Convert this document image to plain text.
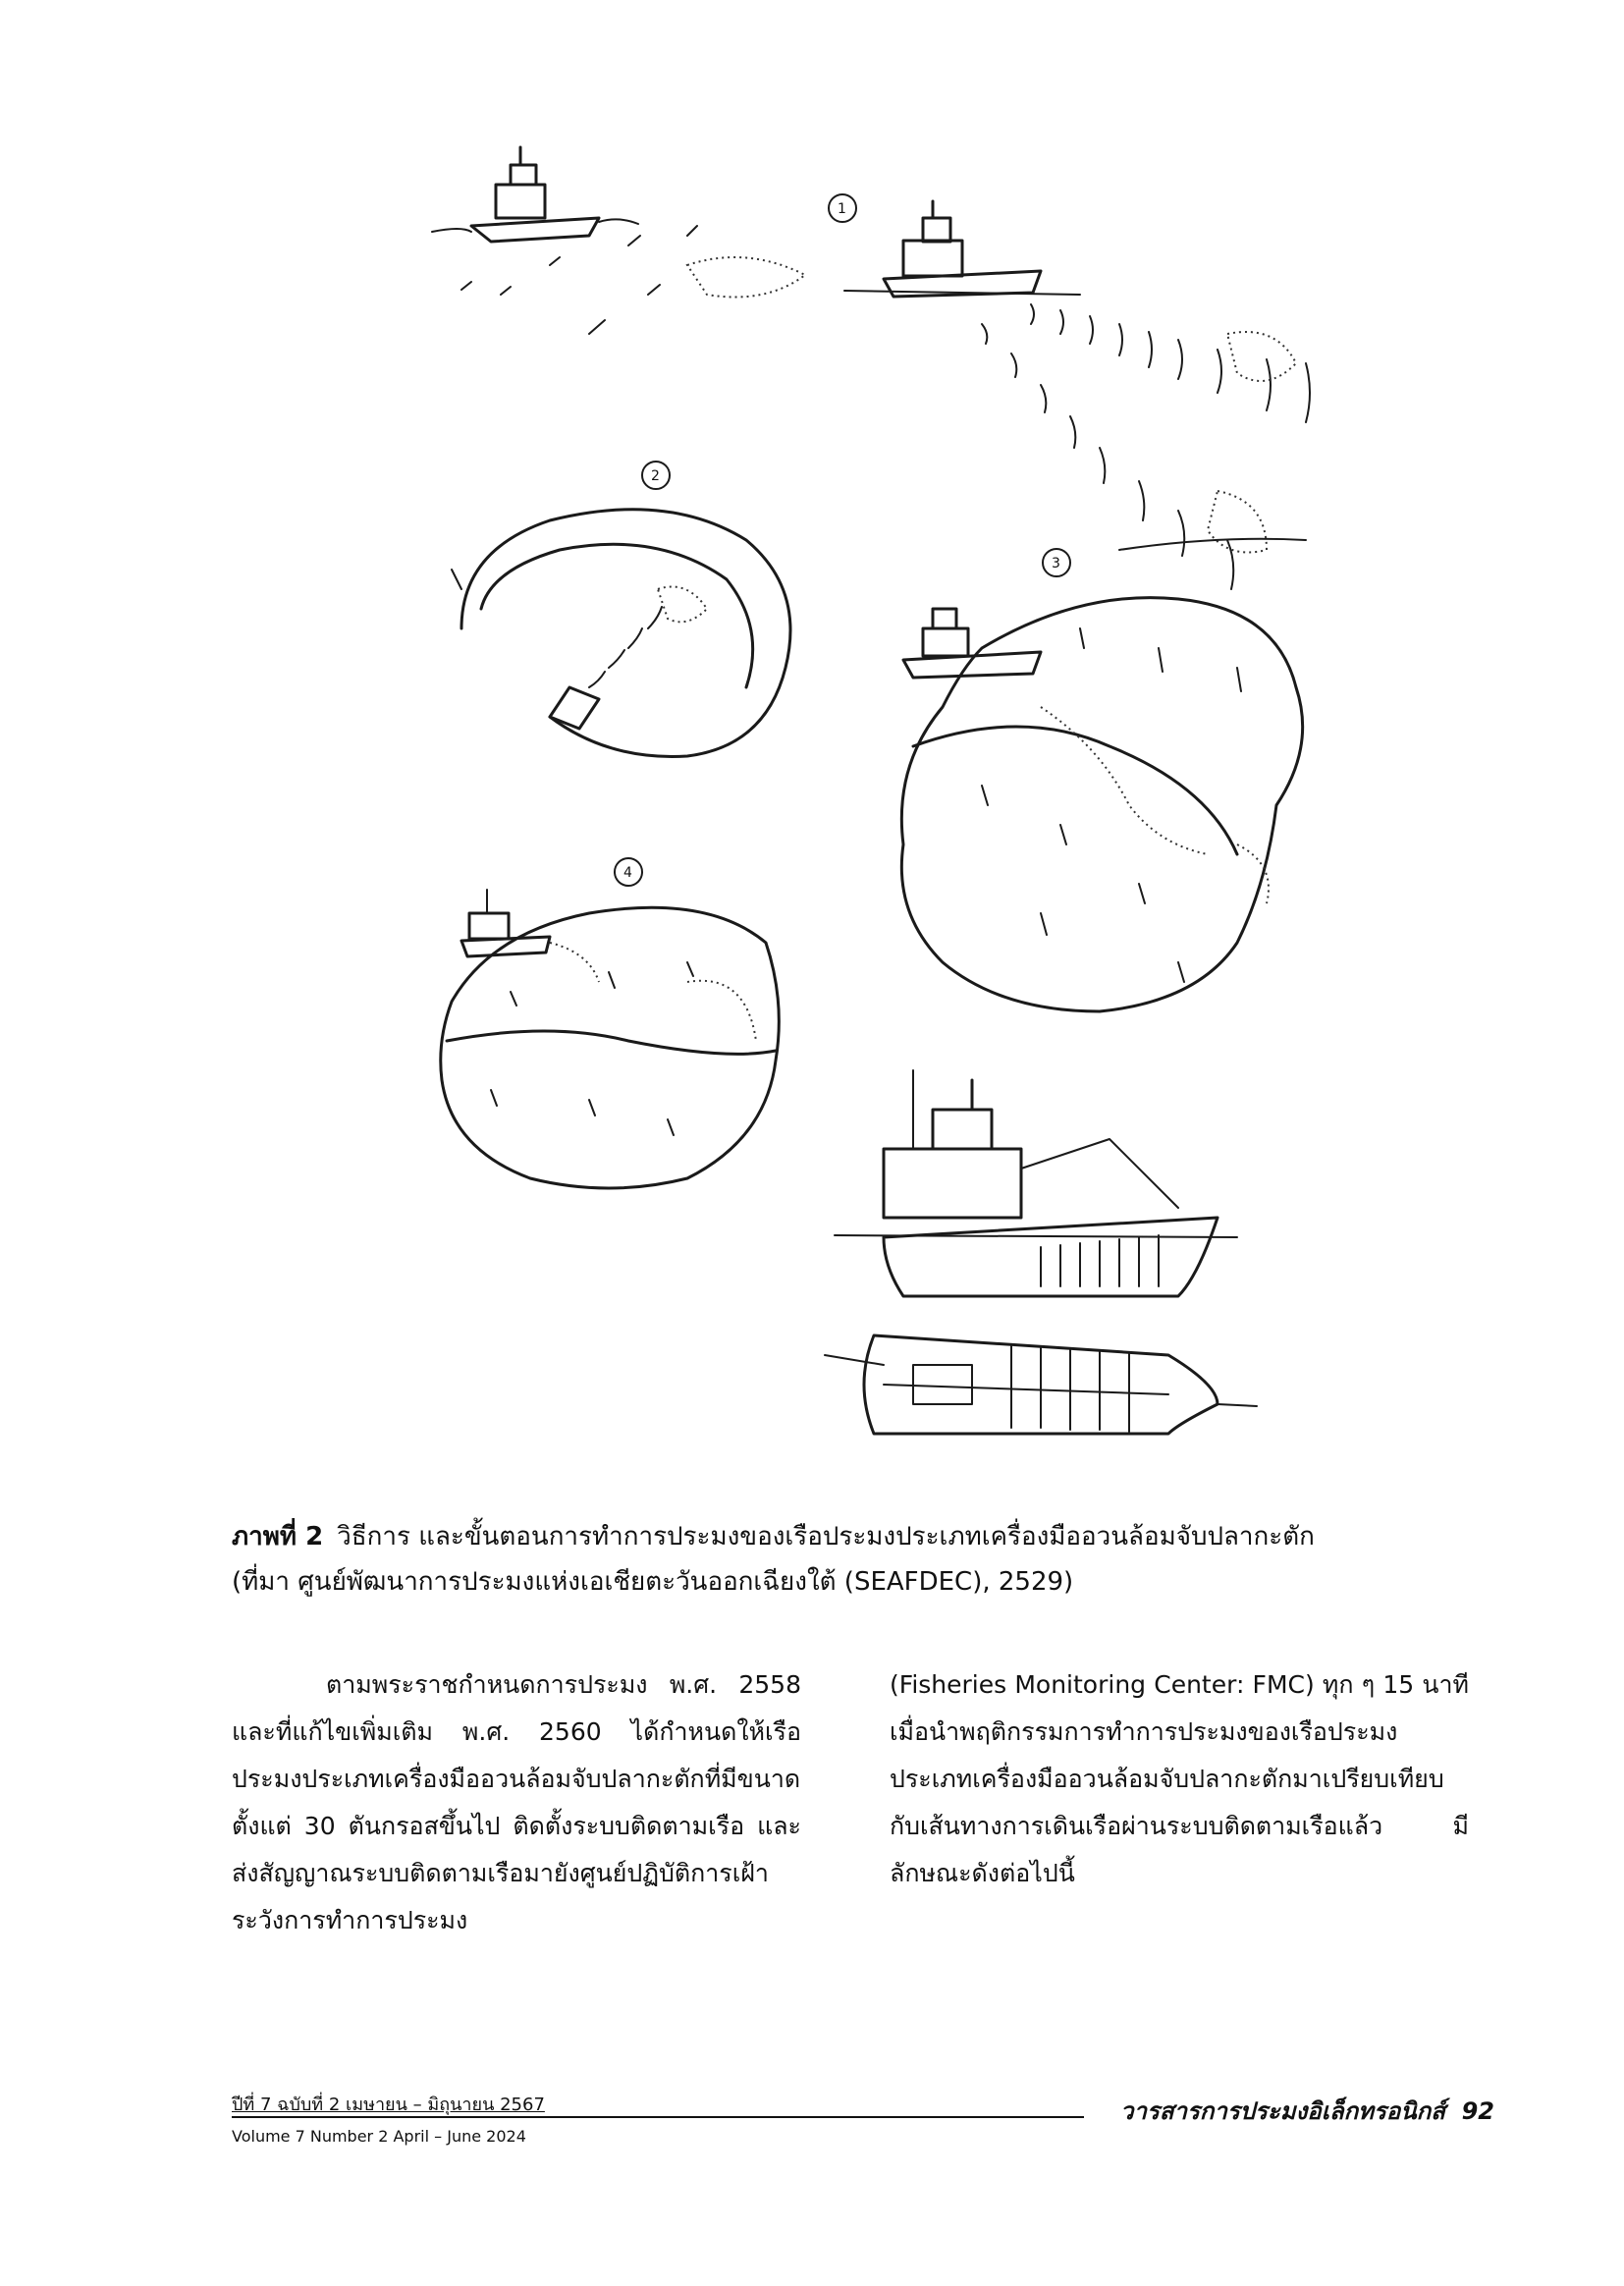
1
2
3
4
ภาพที่ 2 วิธีการ และขั้นตอนการทำการประมงของเรือประมงประเภทเครื่องมืออวนล้อมจับปลากะตัก
(ที่มา ศูนย์พัฒนาการประมงแห่งเอเชียตะวันออกเฉียงใต้ (SEAFDEC), 2529)

ตามพระราชกำหนดการประมง พ.ศ. 2558 และที่แก้ไขเพิ่มเติม พ.ศ. 2560 ได้กำหนดให้เรือประมงประเภทเครื่องมืออวนล้อมจับปลากะตักที่มีขนาดตั้งแต่ 30 ตันกรอสขึ้นไป ติดตั้งระบบติดตามเรือ และส่งสัญญาณระบบติดตามเรือมายังศูนย์ปฏิบัติการเฝ้าระวังการทำการประมง

(Fisheries Monitoring Center: FMC) ทุก ๆ 15 นาที เมื่อนำพฤติกรรมการทำการประมงของเรือประมงประเภทเครื่องมืออวนล้อมจับปลากะตักมาเปรียบเทียบกับเส้นทางการเดินเรือผ่านระบบติดตามเรือแล้ว มีลักษณะดังต่อไปนี้

ปีที่ 7 ฉบับที่ 2 เมษายน – มิถุนายน 2567
Volume 7 Number 2 April – June 2024
วารสารการประมงอิเล็กทรอนิกส์ 92
